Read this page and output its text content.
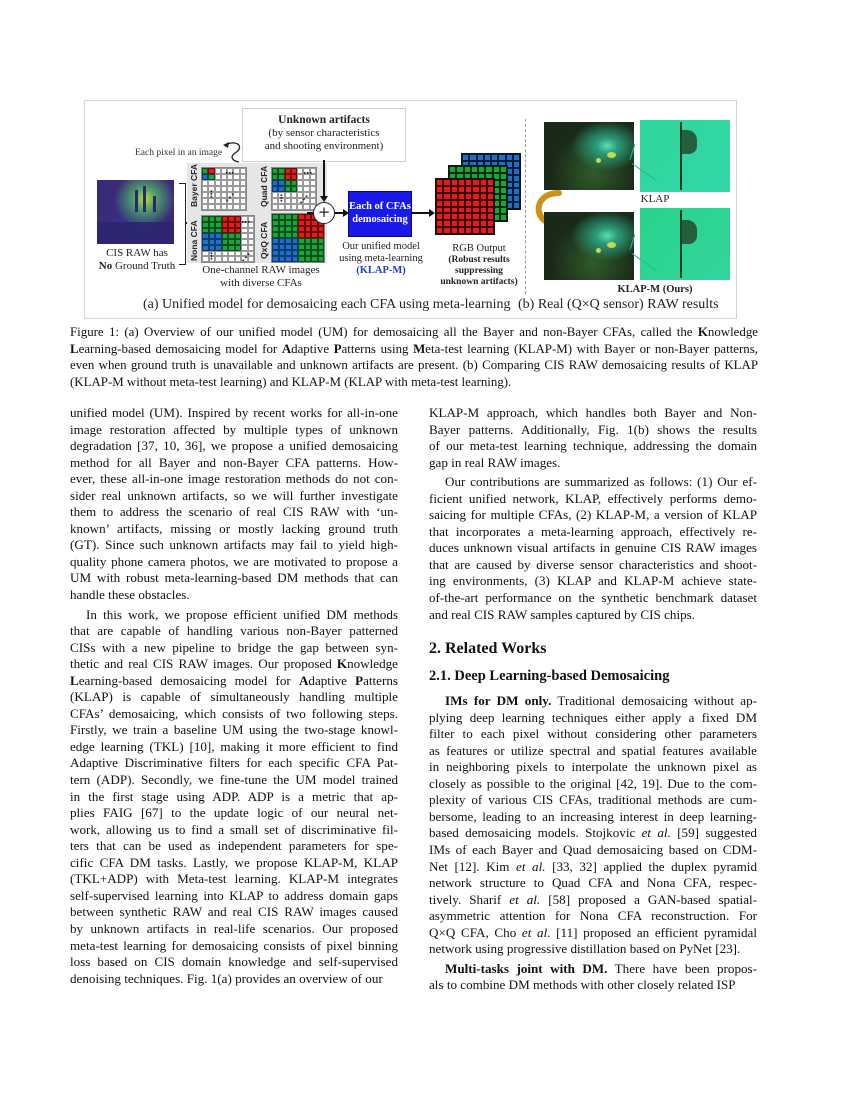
Unknown artifacts
(by sensor characteristics
and shooting environment)
Each pixel in an image
CIS RAW has
No Ground Truth
Bayer CFA	Quad CFA
Nona CFA	QxQ CFA
⋯
⋮ ⋱
⋯
⋮ ⋱
⋯
⋮	⋱
One-channel RAW images
with diverse CFAs
+	Each of CFAs
demosaicing
Our unified model
using meta-learning
(KLAP-M)
RGB Output
(Robust results
suppressing
unknown artifacts)
KLAP
KLAP-M (Ours)
(a) Unified model for demosaicing each CFA using meta-learning (b) Real (Q×Q sensor) RAW results
Figure 1: (a) Overview of our unified model (UM) for demosaicing all the Bayer and non-Bayer CFAs, called the Knowledge Learning-based demosaicing model for Adaptive Patterns using Meta-test learning (KLAP-M) with Bayer or non-Bayer patterns, even when ground truth is unavailable and unknown artifacts are present. (b) Comparing CIS RAW demosaicing results of KLAP (KLAP-M without meta-test learning) and KLAP-M (KLAP with meta-test learning).

unified model (UM). Inspired by recent works for all-in-one
image restoration affected by multiple types of unknown
degradation [37, 10, 36], we propose a unified demosaicing
method for all Bayer and non-Bayer CFA patterns. How-
ever, these all-in-one image restoration methods do not con-
sider real unknown artifacts, so we will further investigate
them to address the scenario of real CIS RAW with ‘un-
known’ artifacts, missing or mostly lacking ground truth
(GT). Since such unknown artifacts may fail to yield high-
quality phone camera photos, we are motivated to propose a
UM with robust meta-learning-based DM methods that can
handle these obstacles.

In this work, we propose efficient unified DM methods
that are capable of handling various non-Bayer patterned
CISs with a new pipeline to bridge the gap between syn-
thetic and real CIS RAW images. Our proposed Knowledge
Learning-based demosaicing model for Adaptive Patterns
(KLAP) is capable of simultaneously handling multiple
CFAs’ demosaicing, which consists of two following steps.
Firstly, we train a baseline UM using the two-stage knowl-
edge learning (TKL) [10], making it more efficient to find
Adaptive Discriminative filters for each specific CFA Pat-
tern (ADP). Secondly, we fine-tune the UM model trained
in the first stage using ADP. ADP is a metric that ap-
plies FAIG [67] to the update logic of our neural net-
work, allowing us to find a small set of discriminative fil-
ters that can be used as independent parameters for spe-
cific CFA DM tasks. Lastly, we propose KLAP-M, KLAP
(TKL+ADP) with Meta-test learning. KLAP-M integrates
self-supervised learning into KLAP to address domain gaps
between synthetic RAW and real CIS RAW images caused
by unknown artifacts in real-life scenarios. Our proposed
meta-test learning for demosaicing consists of pixel binning
loss based on CIS domain knowledge and self-supervised
denoising techniques. Fig. 1(a) provides an overview of our

KLAP-M approach, which handles both Bayer and Non-
Bayer patterns. Additionally, Fig. 1(b) shows the results
of our meta-test learning technique, addressing the domain
gap in real RAW images.

Our contributions are summarized as follows: (1) Our ef-
ficient unified network, KLAP, effectively performs demo-
saicing for multiple CFAs, (2) KLAP-M, a version of KLAP
that incorporates a meta-learning approach, effectively re-
duces unknown visual artifacts in genuine CIS RAW images
that are caused by diverse sensor characteristics and shoot-
ing environments, (3) KLAP and KLAP-M achieve state-
of-the-art performance on the synthetic benchmark dataset
and real CIS RAW samples captured by CIS chips.

2. Related Works
2.1. Deep Learning-based Demosaicing

IMs for DM only. Traditional demosaicing without ap-
plying deep learning techniques either apply a fixed DM
filter to each pixel without considering other parameters
as features or utilize spectral and spatial features available
in neighboring pixels to interpolate the unknown pixel as
closely as possible to the original [42, 19]. Due to the com-
plexity of various CIS CFAs, traditional methods are cum-
bersome, leading to an increasing interest in deep learning-
based demosaicing models. Stojkovic et al. [59] suggested
IMs of each Bayer and Quad demosaicing based on CDM-
Net [12]. Kim et al. [33, 32] applied the duplex pyramid
network structure to Quad CFA and Nona CFA, respec-
tively. Sharif et al. [58] proposed a GAN-based spatial-
asymmetric attention for Nona CFA reconstruction. For
Q×Q CFA, Cho et al. [11] proposed an efficient pyramidal
network using progressive distillation based on PyNet [23].

Multi-tasks joint with DM. There have been propos-
als to combine DM methods with other closely related ISP
